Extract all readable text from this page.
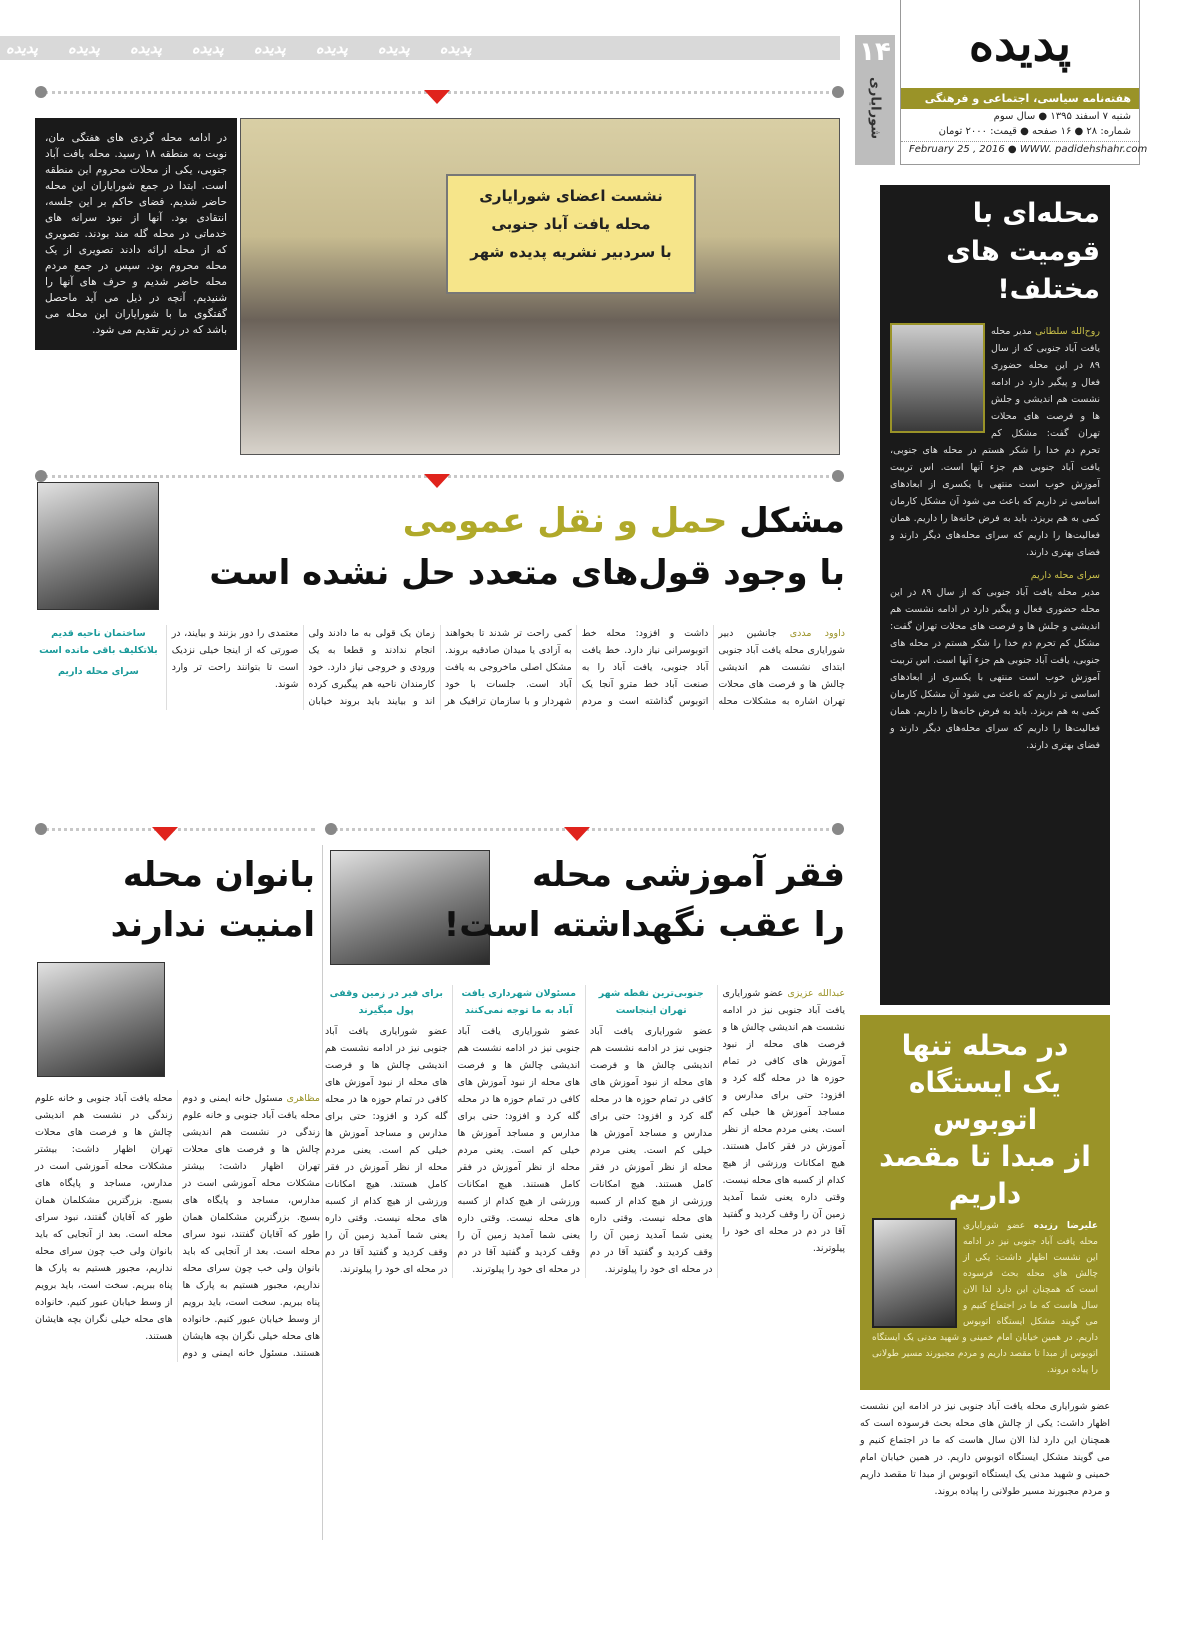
پدیده پدیده پدیده پدیده پدیده پدیده پدیده پدیده	۱۴
شورایاری
پدیده
هفته‌نامه سیاسی، اجتماعی و فرهنگی
شنبه ۷ اسفند ۱۳۹۵ ● سال سوم
شماره: ۲۸ ● ۱۶ صفحه ● قیمت: ۲۰۰۰ تومان
February 25 , 2016 ● WWW. padidehshahr.com
نشست اعضای شورایاری
محله یافت آباد جنوبی
با سردبیر نشریه پدیده شهر
در ادامه محله گردی های هفتگی مان، نوبت به منطقه ۱۸ رسید. محله یافت آباد جنوبی، یکی از محلات محروم این منطقه است. ابتدا در جمع شورایاران این محله حاضر شدیم. فضای حاکم بر این جلسه، انتقادی بود. آنها از نبود سرانه های خدماتی در محله گله مند بودند. تصویری که از محله ارائه دادند تصویری از یک محله محروم بود. سپس در جمع مردم محله حاضر شدیم و حرف های آنها را شنیدیم. آنچه در ذیل می آید ماحصل گفتگوی ما با شورایاران این محله می باشد که در زیر تقدیم می شود.
محله‌ای با
قومیت های مختلف!
روح‌الله سلطانی مدیر محله یافت آباد جنوبی که از سال ۸۹ در این محله حضوری فعال و پیگیر دارد در ادامه نشست هم اندیشی و جلش ها و فرصت های محلات تهران گفت: مشکل کم تحرم دم خدا را شکر هستم در محله های جنوبی، یافت آباد جنوبی هم جزء آنها است. اس تربیت آموزش خوب است منتهی با یکسری از ابعادهای اساسی تر داریم که باعث می شود آن مشکل کارمان کمی به هم بریزد. باید به فرض خانه‌ها را داریم. همان فعالیت‌ها را داریم که سرای محله‌های دیگر دارند و فضای بهتری دارند.
سرای محله داریم
مدیر محله یافت آباد جنوبی که از سال ۸۹ در این محله حضوری فعال و پیگیر دارد در ادامه نشست هم اندیشی و جلش ها و فرصت های محلات تهران گفت: مشکل کم تحرم دم خدا را شکر هستم در محله های جنوبی، یافت آباد جنوبی هم جزء آنها است. اس تربیت آموزش خوب است منتهی با یکسری از ابعادهای اساسی تر داریم که باعث می شود آن مشکل کارمان کمی به هم بریزد. باید به فرض خانه‌ها را داریم. همان فعالیت‌ها را داریم که سرای محله‌های دیگر دارند و فضای بهتری دارند.
مشکل حمل و نقل عمومی
با وجود قول‌های متعدد حل نشده است
داوود مددی جانشین دبیر شورایاری محله یافت آباد جنوبی ابتدای نشست هم اندیشی چالش ها و فرصت های محلات تهران اشاره به مشکلات محله داشت و افزود: محله خط اتوبوسرانی نیاز دارد. خط یافت آباد جنوبی، یافت آباد را به صنعت آباد خط مترو آنجا یک اتوبوس گذاشته است و مردم کمی راحت تر شدند تا بخواهند به آزادی یا میدان صادقیه بروند. مشکل اصلی ماخروجی به یافت آباد است. جلسات با خود شهردار و با سازمان ترافیک هر زمان یک قولی به ما دادند ولی انجام ندادند و قطعا به یک ورودی و خروجی نیاز دارد. خود کارمندان ناحیه هم پیگیری کرده اند و بیایند باید بروند خیابان معتمدی را دور بزنند و بیایند، در صورتی که از اینجا خیلی نزدیک است تا بتوانند راحت تر وارد شوند.
ساختمان ناحیه قدیم بلاتکلیف باقی مانده است
سرای محله داریم
فقر آموزشی محله
را عقب نگهداشته است!
عبدالله عزیزی عضو شورایاری یافت آباد جنوبی نیز در ادامه نشست هم اندیشی چالش ها و فرصت های محله از نبود آموزش های کافی در تمام حوزه ها در محله گله کرد و افزود: حتی برای مدارس و مساجد آموزش ها خیلی کم است. یعنی مردم محله از نظر آموزش در فقر کامل هستند. هیچ امکانات ورزشی از هیچ کدام از کسبه های محله نیست. وقتی داره یعنی شما آمدید زمین آن را وقف کردید و گفتید آقا در دم در محله ای خود را پیلوترند.
جنوبی‌ترین نقطه شهر تهران اینجاست
عضو شورایاری یافت آباد جنوبی نیز در ادامه نشست هم اندیشی چالش ها و فرصت های محله از نبود آموزش های کافی در تمام حوزه ها در محله گله کرد و افزود: حتی برای مدارس و مساجد آموزش ها خیلی کم است. یعنی مردم محله از نظر آموزش در فقر کامل هستند. هیچ امکانات ورزشی از هیچ کدام از کسبه های محله نیست. وقتی داره یعنی شما آمدید زمین آن را وقف کردید و گفتید آقا در دم در محله ای خود را پیلوترند.
مسئولان شهرداری یافت آباد به ما توجه نمی‌کنند
عضو شورایاری یافت آباد جنوبی نیز در ادامه نشست هم اندیشی چالش ها و فرصت های محله از نبود آموزش های کافی در تمام حوزه ها در محله گله کرد و افزود: حتی برای مدارس و مساجد آموزش ها خیلی کم است. یعنی مردم محله از نظر آموزش در فقر کامل هستند. هیچ امکانات ورزشی از هیچ کدام از کسبه های محله نیست. وقتی داره یعنی شما آمدید زمین آن را وقف کردید و گفتید آقا در دم در محله ای خود را پیلوترند.
برای فیر در زمین وقفی پول میگیرند
عضو شورایاری یافت آباد جنوبی نیز در ادامه نشست هم اندیشی چالش ها و فرصت های محله از نبود آموزش های کافی در تمام حوزه ها در محله گله کرد و افزود: حتی برای مدارس و مساجد آموزش ها خیلی کم است. یعنی مردم محله از نظر آموزش در فقر کامل هستند. هیچ امکانات ورزشی از هیچ کدام از کسبه های محله نیست. وقتی داره یعنی شما آمدید زمین آن را وقف کردید و گفتید آقا در دم در محله ای خود را پیلوترند.
بانوان محله
امنیت ندارند
مظاهری مسئول خانه ایمنی و دوم محله یافت آباد جنوبی و خانه علوم زندگی در نشست هم اندیشی چالش ها و فرصت های محلات تهران اظهار داشت: بیشتر مشکلات محله آموزشی است در مدارس، مساجد و پایگاه های بسیج. بزرگترین مشکلمان همان طور که آقایان گفتند، نبود سرای محله است. بعد از آنجایی که باید بانوان ولی خب چون سرای محله نداریم، مجبور هستیم به پارک ها پناه ببریم. سخت است، باید برویم از وسط خیابان عبور کنیم. خانواده های محله خیلی نگران بچه هایشان هستند. مسئول خانه ایمنی و دوم محله یافت آباد جنوبی و خانه علوم زندگی در نشست هم اندیشی چالش ها و فرصت های محلات تهران اظهار داشت: بیشتر مشکلات محله آموزشی است در مدارس، مساجد و پایگاه های بسیج. بزرگترین مشکلمان همان طور که آقایان گفتند، نبود سرای محله است. بعد از آنجایی که باید بانوان ولی خب چون سرای محله نداریم، مجبور هستیم به پارک ها پناه ببریم. سخت است، باید برویم از وسط خیابان عبور کنیم. خانواده های محله خیلی نگران بچه هایشان هستند.
در محله تنها
یک ایستگاه اتوبوس
از مبدا تا مقصد
داریم
علیرضا رزیده عضو شورایاری محله یافت آباد جنوبی نیز در ادامه این نشست اظهار داشت: یکی از چالش های محله بحث فرسوده است که همچنان این دارد لذا الان سال هاست که ما در اجتماع کنیم و می گویند مشکل ایستگاه اتوبوس داریم. در همین خیابان امام خمینی و شهید مدنی یک ایستگاه اتوبوس از مبدا تا مقصد داریم و مردم مجبورند مسیر طولانی را پیاده بروند.
عضو شورایاری محله یافت آباد جنوبی نیز در ادامه این نشست اظهار داشت: یکی از چالش های محله بحث فرسوده است که همچنان این دارد لذا الان سال هاست که ما در اجتماع کنیم و می گویند مشکل ایستگاه اتوبوس داریم. در همین خیابان امام خمینی و شهید مدنی یک ایستگاه اتوبوس از مبدا تا مقصد داریم و مردم مجبورند مسیر طولانی را پیاده بروند.
